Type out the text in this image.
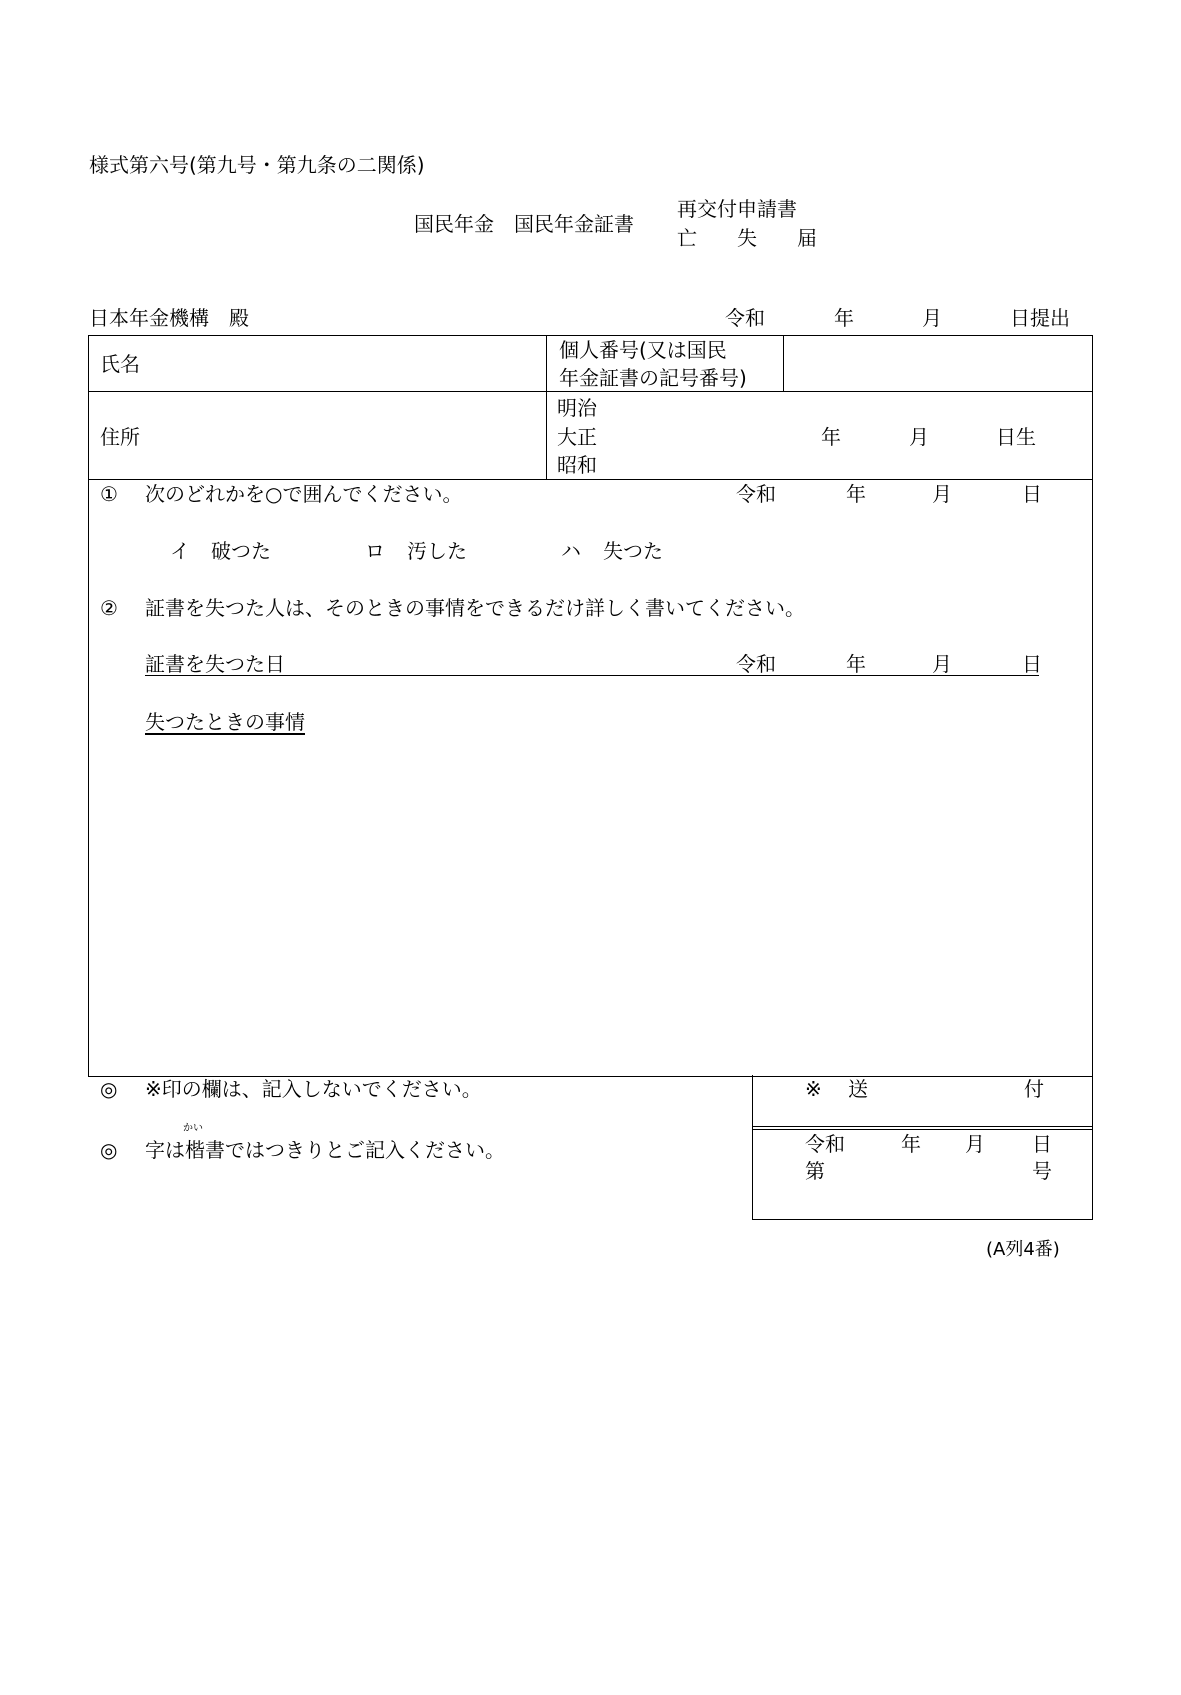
様式第六号(第九号・第九条の二関係)
国民年金　国民年金証書
再交付申請書
亡　　失　　届
日本年金機構　殿	令和	年	月	日提出
氏名
個人番号(又は国民
年金証書の記号番号)
住所
明治
大正
昭和
年	月	日生
① 次のどれかを○で囲んでください。	令和	年	月	日
イ 破つた	ロ 汚した	ハ 失つた
② 証書を失つた人は、そのときの事情をできるだけ詳しく書いてください。
証書を失つた日	令和	年	月	日
失つたときの事情
◎ ※印の欄は、記入しないでください。
◎ 字は楷書ではつきりとご記入ください。
かい
※ 送	付
令和	年 月 日
第	号
(A列4番)
